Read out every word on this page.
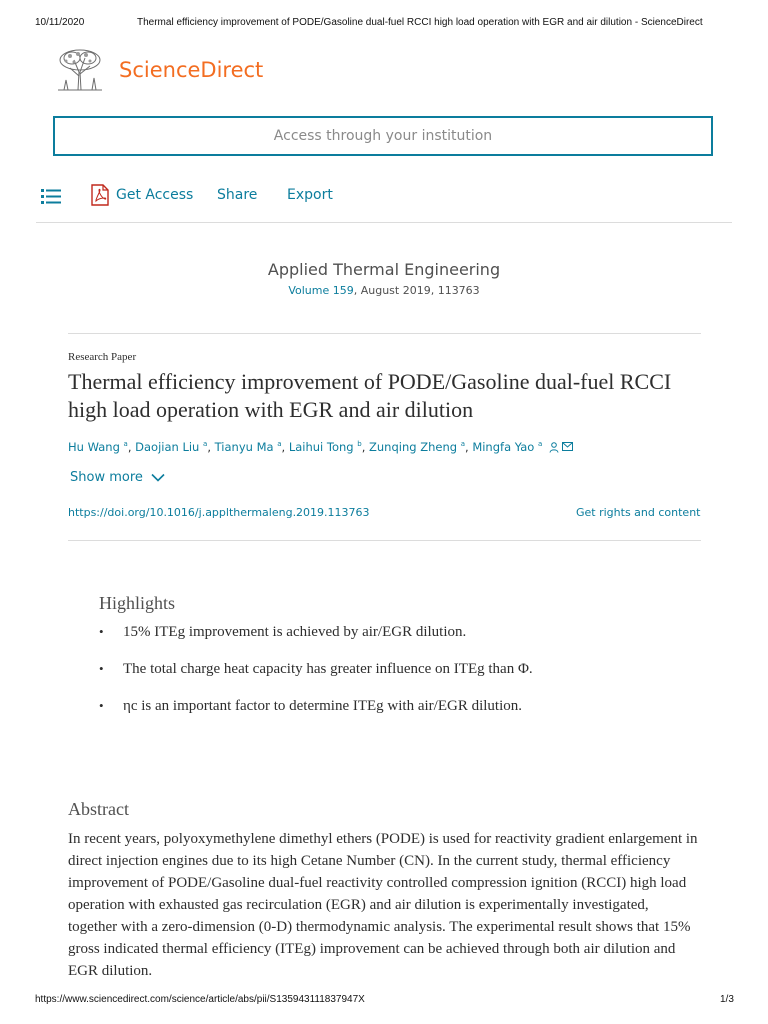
10/11/2020	Thermal efficiency improvement of PODE/Gasoline dual-fuel RCCI high load operation with EGR and air dilution - ScienceDirect
ScienceDirect
Access through your institution
Get Access Share Export
Applied Thermal Engineering
Volume 159, August 2019, 113763
Research Paper
Thermal efficiency improvement of PODE/Gasoline dual-fuel RCCI high load operation with EGR and air dilution
Hu Wang $^a$, Daojian Liu $^a$, Tianyu Ma $^a$, Laihui Tong $^b$, Zunqing Zheng $^a$, Mingfa Yao $^a$
Show more
https://doi.org/10.1016/j.applthermaleng.2019.113763	Get rights and content
Highlights
• 15% ITEg improvement is achieved by air/EGR dilution.
• The total charge heat capacity has greater influence on ITEg than Φ.
• ηc is an important factor to determine ITEg with air/EGR dilution.
Abstract
In recent years, polyoxymethylene dimethyl ethers (PODE) is used for reactivity gradient enlargement in direct injection engines due to its high Cetane Number (CN). In the current study, thermal efficiency improvement of PODE/Gasoline dual-fuel reactivity controlled compression ignition (RCCI) high load operation with exhausted gas recirculation (EGR) and air dilution is experimentally investigated, together with a zero-dimension (0-D) thermodynamic analysis. The experimental result shows that 15% gross indicated thermal efficiency (ITEg) improvement can be achieved through both air dilution and EGR dilution.
https://www.sciencedirect.com/science/article/abs/pii/S135943111837947X	1/3
